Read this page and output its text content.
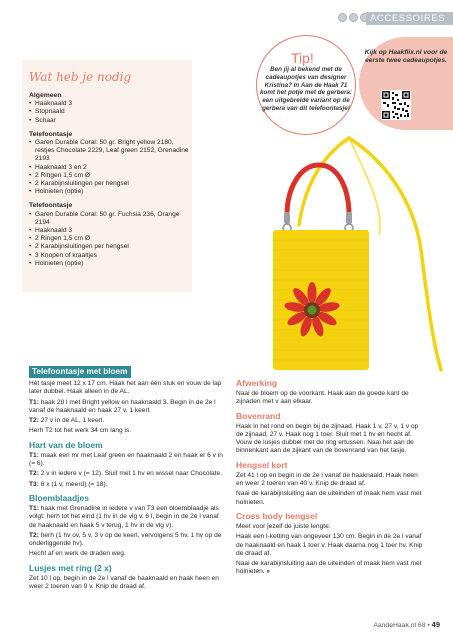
ACCESSOIRES
Wat heb je nodig
Algemeen
• Haaknaald 3
• Stopnaald
• Schaar
Telefoontasje
• Garen Durable Coral: 50 gr. Bright yellow 2180, restjes Chocolate 2229, Leaf green 2152, Grenadine 2193
• Haaknaald 3 en 2
• 2 Ringen 1,5 cm Ø
• 2 Karabijnsluitingen per hengsel
• Holnieten (optie)
Telefoontasje
• Garen Durable Coral: 50 gr. Fuchsia 236, Orange 2194
• Haaknaald 3
• 2 Ringen 1,5 cm Ø
• 2 Karabijnsluitingen per hengsel
• 3 Knopen of kraaltjes
• Holnieten (optie)
Kijk op Haakflix.nl voor de eerste twee cadeaupotjes.
Tip!
Ben jij al bekend met de cadeaupotjes van designer Kristina? In Aan de Haak 71 komt het potje met de gerbera: een uitgebreide variant op de gerbera van dit telefoontasje!
Telefoontasje met bloem

Het tasje meet 12 x 17 cm. Haak het aan één stuk en vouw de lap later dubbel. Haak alleen in de AL.

T1: haak 28 l met Bright yellow en haaknaald 3. Begin in de 2e l vanaf de haaknaald en haak 27 v, 1 keerl.

T2: 27 v in de AL, 1 keerl.

Herh T2 tot het werk 34 cm lang is.

Hart van de bloem

T1: maak een mr met Leaf green en haaknaald 2 en haak er 6 v in (= 6).

T2: 2 v in iedere v (= 12). Sluit met 1 hv en wissel naar Chocolate.

T3: 6 x (1 v, meerd) (= 18).

Bloemblaadjes

T1: haak met Grenadine in iedere v van T3 een bloemblaadje als volgt: herh tot het eind (1 hv in de vlg v, 6 l, begin in de 2e l vanaf de haaknaald en haak 5 v terug, 1 hv in de vlg v).

T2: herh (1 hv ov, 5 v, 3 v op de keerl, vervolgens 5 hv, 1 hv op de onderliggende hv).

Hecht af en werk de draden weg.

Lusjes met ring (2 x)

Zet 10 l op, begin in de 2e l vanaf de haaknaald en haak heen en weer 2 toeren van 9 v. Knip de draad af.

Afwerking

Naai de bloem op de voorkant. Haak aan de goede kant de zijnaden met v aan elkaar.

Bovenrand

Haak in het rond en begin bij de zijnaad. Haak 1 v, 27 v, 1 v op de zijnaad, 27 v. Haak nog 1 toer. Sluit met 1 hv en hecht af. Vouw de lusjes dubbel met de ring ertussen. Naai het aan de binnenkant aan de zijkant van de bovenrand van het tasje.

Hengsel kort

Zet 41 l op en begin in de 2e l vanaf de haaknaald. Haak heen en weer 2 toeren van 40 v. Knip de draad af.

Naai de karabijnsluiting aan de uiteinden of maak hem vast met holnieten.

Cross body hengsel

Meet voor jezelf de juiste lengte.

Haak een l-ketting van ongeveer 130 cm. Begin in de 2e l vanaf de haaknaald en haak 1 toer v. Haak daarna nog 1 toer hv. Knip de draad af.

Naai de karabijnsluiting aan de uiteinden of maak hem vast met holnieten. »

AandeHaak.nl 68 • 49
